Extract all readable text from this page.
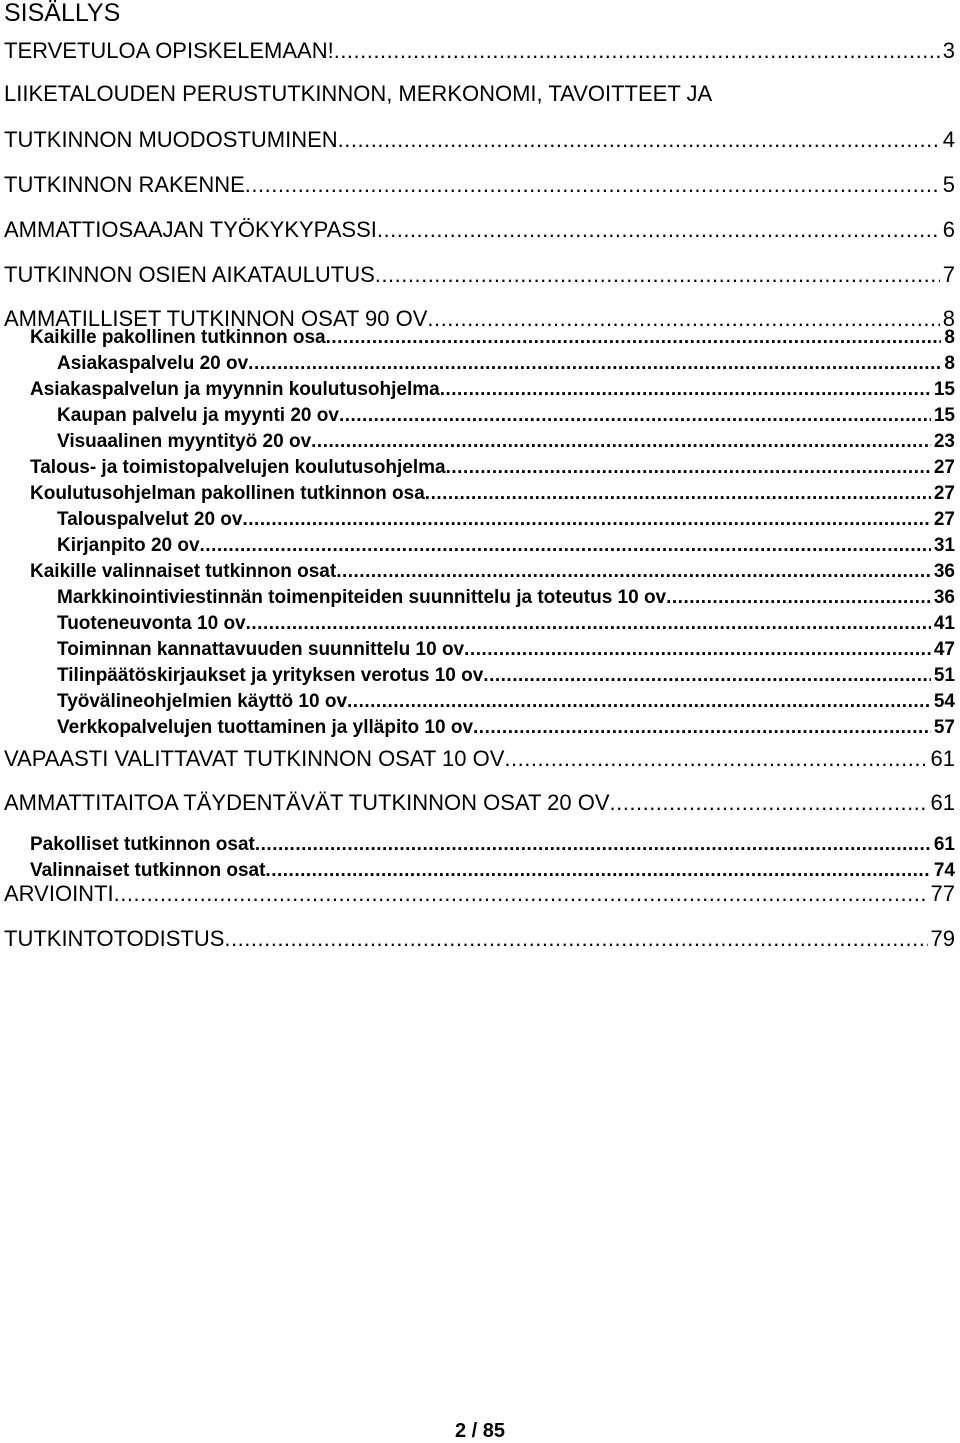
SISÄLLYS
TERVETULOA OPISKELEMAAN! .....	3
LIIKETALOUDEN PERUSTUTKINNON, MERKONOMI, TAVOITTEET JA
TUTKINNON MUODOSTUMINEN .....	4
TUTKINNON RAKENNE .....	5
AMMATTIOSAAJAN TYÖKYKYPASSI .....	6
TUTKINNON OSIEN AIKATAULUTUS .....	7
AMMATILLISET TUTKINNON OSAT 90 OV .....	8
Kaikille pakollinen tutkinnon osa .....	8
Asiakaspalvelu 20 ov .....	8
Asiakaspalvelun ja myynnin koulutusohjelma .....	15
Kaupan palvelu ja myynti 20 ov .....	15
Visuaalinen myyntityö 20 ov .....	23
Talous- ja toimistopalvelujen koulutusohjelma .....	27
Koulutusohjelman pakollinen tutkinnon osa .....	27
Talouspalvelut 20 ov .....	27
Kirjanpito 20 ov .....	31
Kaikille valinnaiset tutkinnon osat .....	36
Markkinointiviestinnän toimenpiteiden suunnittelu ja toteutus 10 ov .....	36
Tuoteneuvonta 10 ov .....	41
Toiminnan kannattavuuden suunnittelu 10 ov .....	47
Tilinpäätöskirjaukset ja yrityksen verotus 10 ov .....	51
Työvälineohjelmien käyttö 10 ov .....	54
Verkkopalvelujen tuottaminen ja ylläpito 10 ov .....	57
VAPAASTI VALITTAVAT TUTKINNON OSAT 10 OV .....	61
AMMATTITAITOA TÄYDENTÄVÄT TUTKINNON OSAT 20 OV .....	61
Pakolliset tutkinnon osat .....	61
Valinnaiset tutkinnon osat .....	74
ARVIOINTI .....	77
TUTKINTOTODISTUS .....	79
2 / 85
